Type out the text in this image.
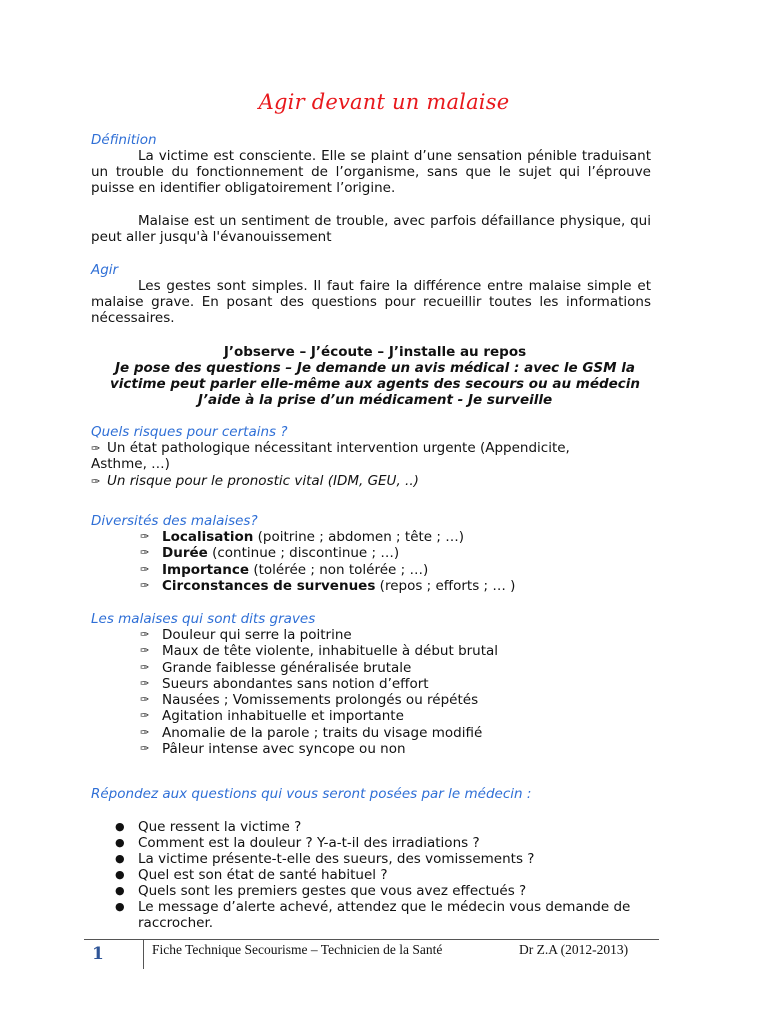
Agir devant un malaise
Définition
La victime est consciente. Elle se plaint d’une sensation pénible traduisant un trouble du fonctionnement de l’organisme, sans que le sujet qui l’éprouve puisse en identifier obligatoirement l’origine.
Malaise est un sentiment de trouble, avec parfois défaillance physique, qui peut aller jusqu'à l'évanouissement
Agir
Les gestes sont simples. Il faut faire la différence entre malaise simple et malaise grave. En posant des questions pour recueillir toutes les informations nécessaires.
J’observe – J’écoute – J’installe au repos
Je pose des questions – Je demande un avis médical : avec le GSM la
victime peut parler elle-même aux agents des secours ou au médecin
J’aide à la prise d’un médicament - Je surveille
Quels risques pour certains ?
✑ Un état pathologique nécessitant intervention urgente (Appendicite,
Asthme, …)
✑ Un risque pour le pronostic vital (IDM, GEU, ..)
Diversités des malaises?
✑ Localisation (poitrine ; abdomen ; tête ; …)
✑ Durée (continue ; discontinue ; …)
✑ Importance (tolérée ; non tolérée ; …)
✑ Circonstances de survenues (repos ; efforts ; … )
Les malaises qui sont dits graves
✑ Douleur qui serre la poitrine
✑ Maux de tête violente, inhabituelle à début brutal
✑ Grande faiblesse généralisée brutale
✑ Sueurs abondantes sans notion d’effort
✑ Nausées ; Vomissements prolongés ou répétés
✑ Agitation inhabituelle et importante
✑ Anomalie de la parole ; traits du visage modifié
✑ Pâleur intense avec syncope ou non
Répondez aux questions qui vous seront posées par le médecin :
● Que ressent la victime ?
● Comment est la douleur ? Y-a-t-il des irradiations ?
● La victime présente-t-elle des sueurs, des vomissements ?
● Quel est son état de santé habituel ?
● Quels sont les premiers gestes que vous avez effectués ?
● Le message d’alerte achevé, attendez que le médecin vous demande de raccrocher.
1	Fiche Technique Secourisme – Technicien de la Santé	Dr Z.A (2012-2013)
